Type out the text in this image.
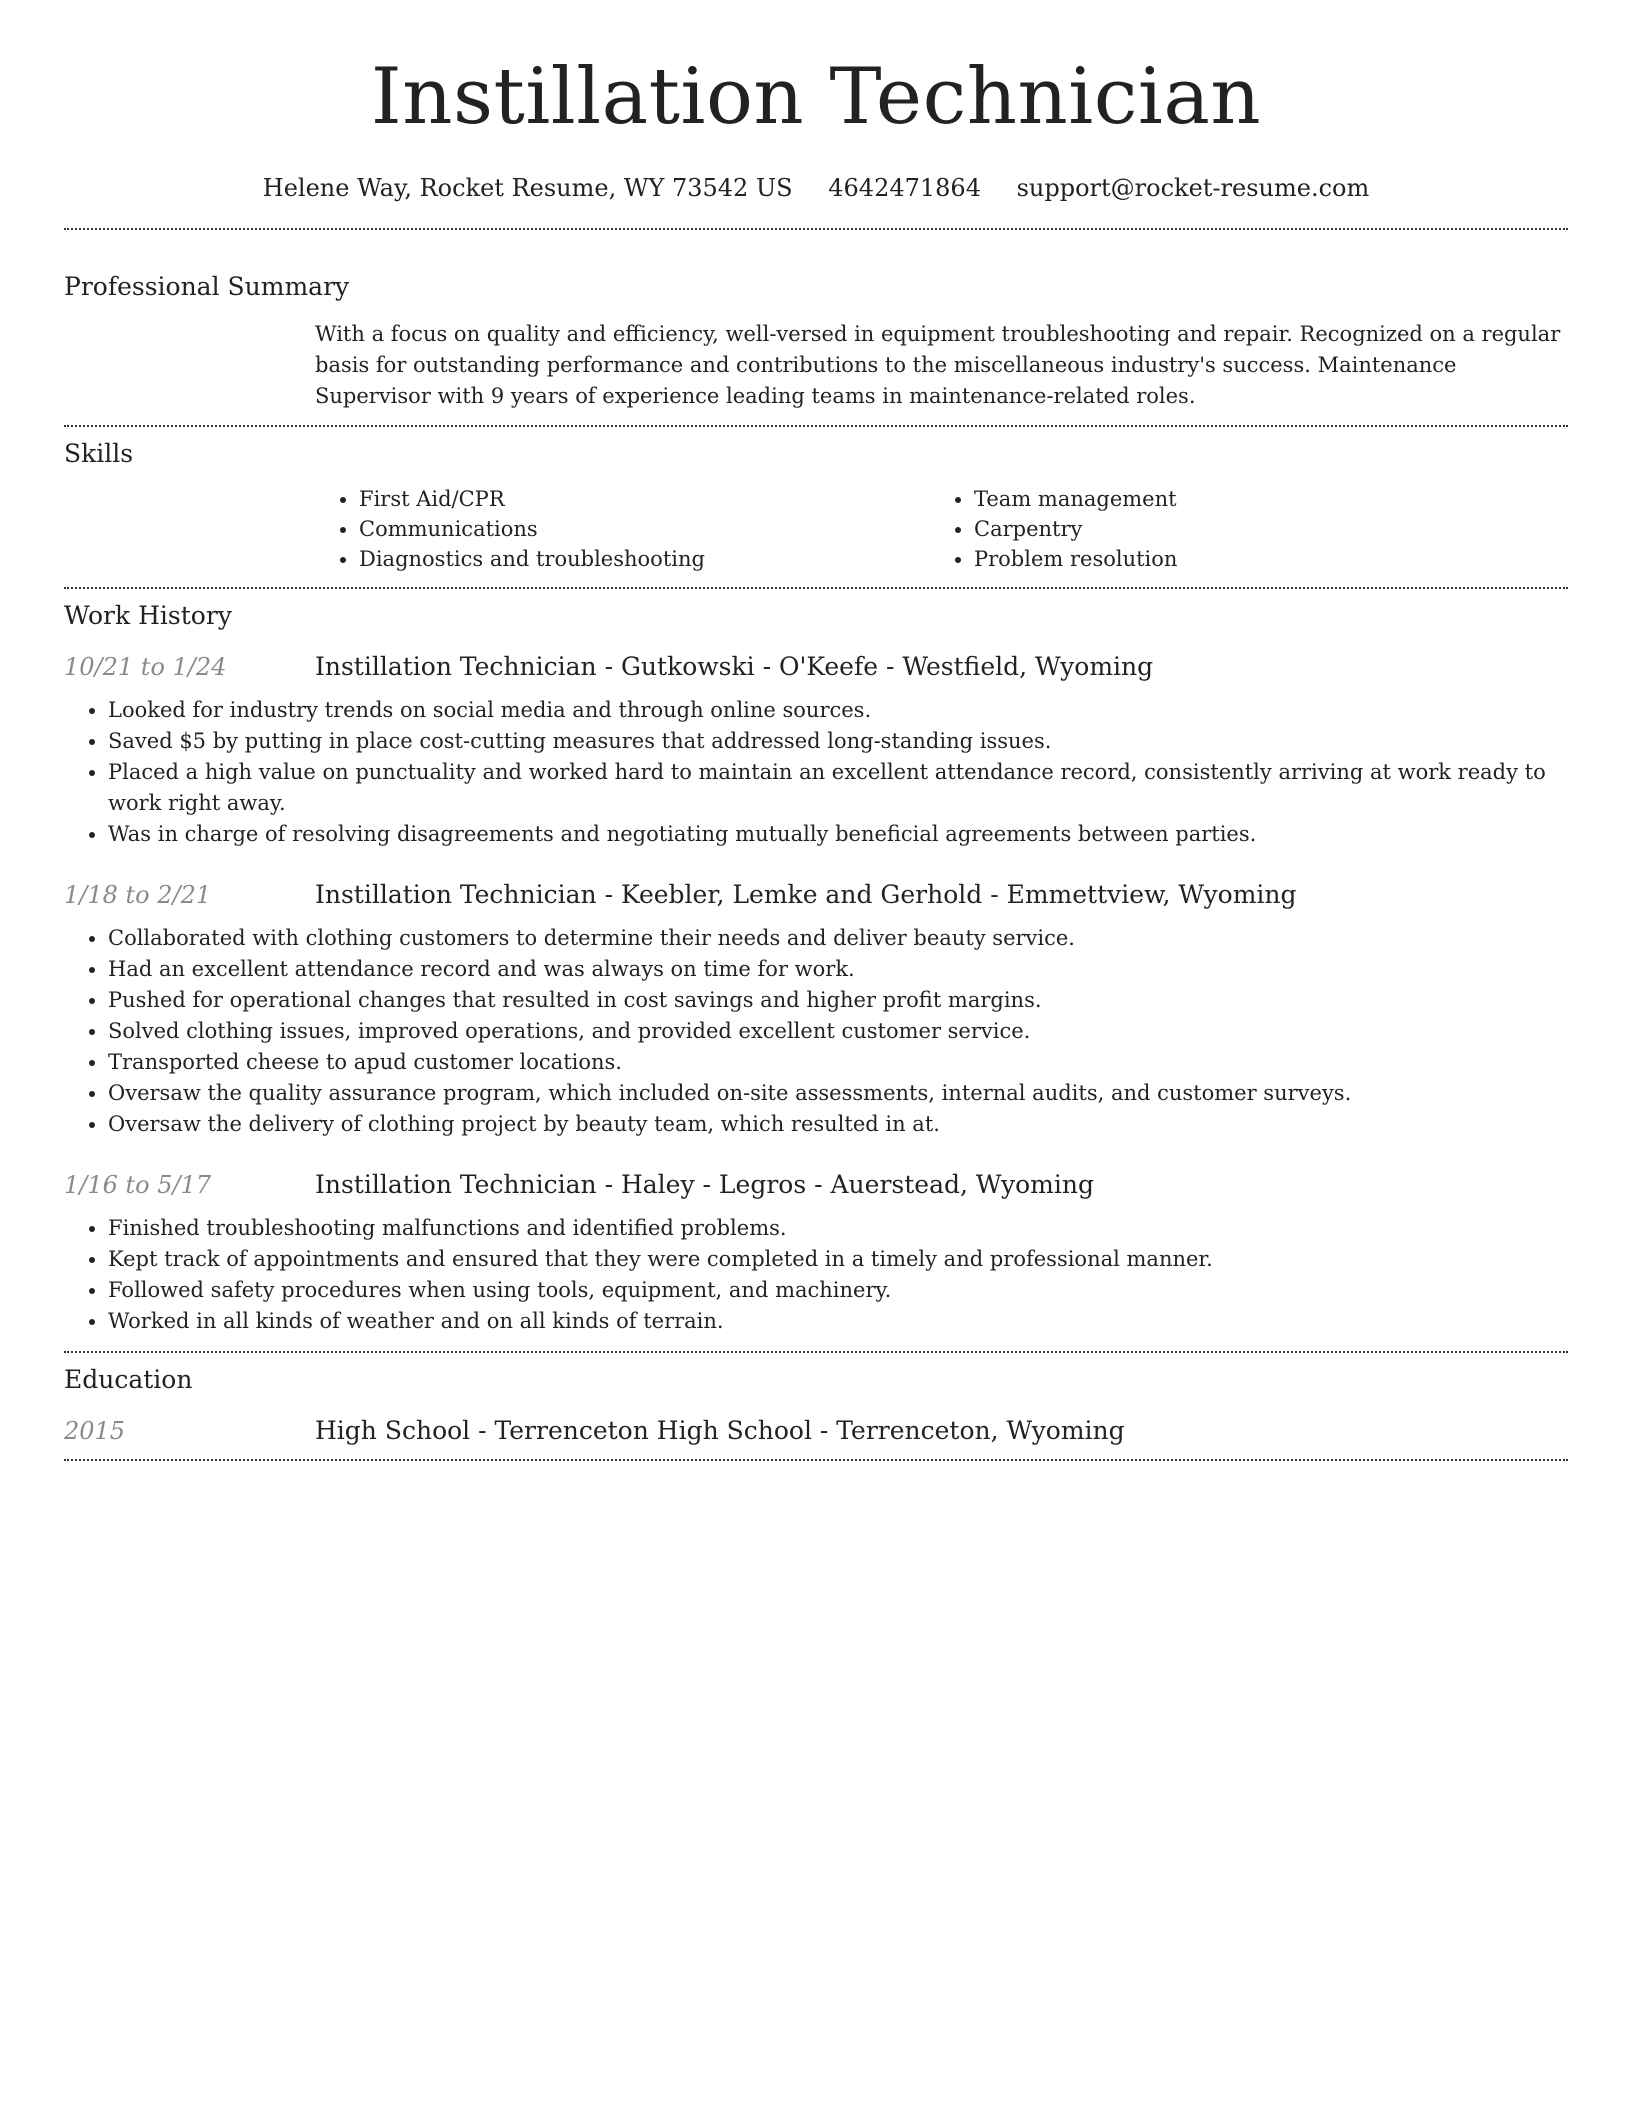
Instillation Technician
Helene Way, Rocket Resume, WY 73542 US 4642471864 support@rocket-resume.com
Professional Summary

With a focus on quality and efficiency, well-versed in equipment troubleshooting and repair. Recognized on a regular basis for outstanding performance and contributions to the miscellaneous industry's success. Maintenance Supervisor with 9 years of experience leading teams in maintenance-related roles.

Skills
• First Aid/CPR
• Communications
• Diagnostics and troubleshooting
• Team management
• Carpentry
• Problem resolution
Work History
10/21 to 1/24	Instillation Technician - Gutkowski - O'Keefe - Westfield, Wyoming
• Looked for industry trends on social media and through online sources.
• Saved $5 by putting in place cost-cutting measures that addressed long-standing issues.
• Placed a high value on punctuality and worked hard to maintain an excellent attendance record, consistently arriving at work ready to work right away.
• Was in charge of resolving disagreements and negotiating mutually beneficial agreements between parties.
1/18 to 2/21	Instillation Technician - Keebler, Lemke and Gerhold - Emmettview, Wyoming
• Collaborated with clothing customers to determine their needs and deliver beauty service.
• Had an excellent attendance record and was always on time for work.
• Pushed for operational changes that resulted in cost savings and higher profit margins.
• Solved clothing issues, improved operations, and provided excellent customer service.
• Transported cheese to apud customer locations.
• Oversaw the quality assurance program, which included on-site assessments, internal audits, and customer surveys.
• Oversaw the delivery of clothing project by beauty team, which resulted in at.
1/16 to 5/17	Instillation Technician - Haley - Legros - Auerstead, Wyoming
• Finished troubleshooting malfunctions and identified problems.
• Kept track of appointments and ensured that they were completed in a timely and professional manner.
• Followed safety procedures when using tools, equipment, and machinery.
• Worked in all kinds of weather and on all kinds of terrain.
Education
2015	High School - Terrenceton High School - Terrenceton, Wyoming
